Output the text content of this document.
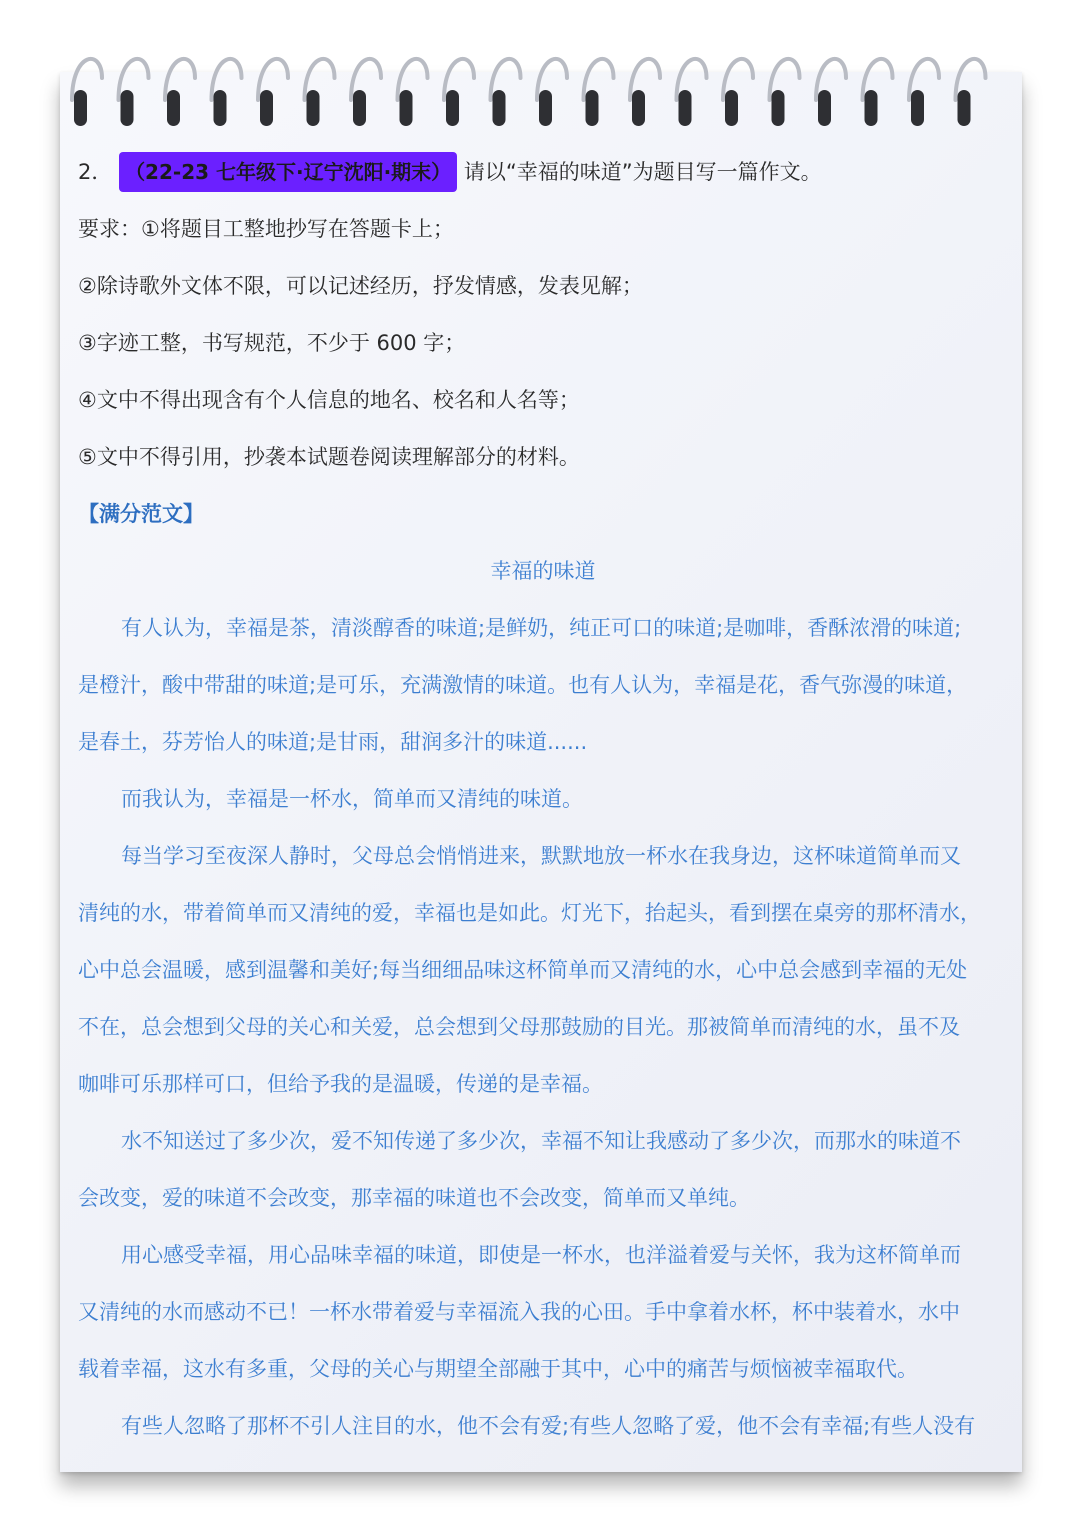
2． （22-23 七年级下·辽宁沈阳·期末） 请以“幸福的味道”为题目写一篇作文。
要求：①将题目工整地抄写在答题卡上；
②除诗歌外文体不限，可以记述经历，抒发情感，发表见解；
③字迹工整，书写规范，不少于 600 字；
④文中不得出现含有个人信息的地名、校名和人名等；
⑤文中不得引用，抄袭本试题卷阅读理解部分的材料。
【满分范文】
幸福的味道
有人认为，幸福是茶，清淡醇香的味道;是鲜奶，纯正可口的味道;是咖啡，香酥浓滑的味道;
是橙汁，酸中带甜的味道;是可乐，充满激情的味道。也有人认为，幸福是花，香气弥漫的味道，
是春土，芬芳怡人的味道;是甘雨，甜润多汁的味道......
而我认为，幸福是一杯水，简单而又清纯的味道。
每当学习至夜深人静时，父母总会悄悄进来，默默地放一杯水在我身边，这杯味道简单而又
清纯的水，带着简单而又清纯的爱，幸福也是如此。灯光下，抬起头，看到摆在桌旁的那杯清水，
心中总会温暖，感到温馨和美好;每当细细品味这杯简单而又清纯的水，心中总会感到幸福的无处
不在，总会想到父母的关心和关爱，总会想到父母那鼓励的目光。那被简单而清纯的水，虽不及
咖啡可乐那样可口，但给予我的是温暖，传递的是幸福。
水不知送过了多少次，爱不知传递了多少次，幸福不知让我感动了多少次，而那水的味道不
会改变，爱的味道不会改变，那幸福的味道也不会改变，简单而又单纯。
用心感受幸福，用心品味幸福的味道，即使是一杯水，也洋溢着爱与关怀，我为这杯简单而
又清纯的水而感动不已！一杯水带着爱与幸福流入我的心田。手中拿着水杯，杯中装着水，水中
载着幸福，这水有多重，父母的关心与期望全部融于其中，心中的痛苦与烦恼被幸福取代。
有些人忽略了那杯不引人注目的水，他不会有爱;有些人忽略了爱，他不会有幸福;有些人没有
